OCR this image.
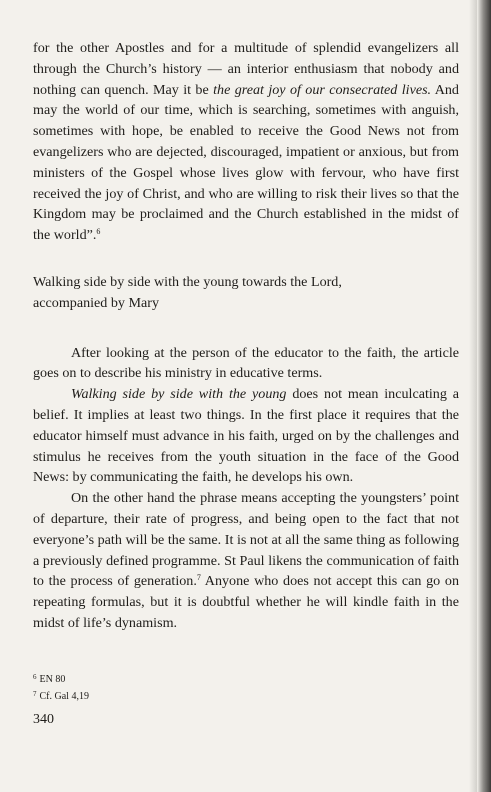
for the other Apostles and for a multitude of splendid evangelizers all through the Church’s history — an interior enthusiasm that nobody and nothing can quench. May it be the great joy of our consecrated lives. And may the world of our time, which is searching, sometimes with anguish, sometimes with hope, be enabled to receive the Good News not from evangelizers who are dejected, discouraged, impatient or anxious, but from ministers of the Gospel whose lives glow with fervour, who have first received the joy of Christ, and who are willing to risk their lives so that the Kingdom may be proclaimed and the Church established in the midst of the world”.$^6$

Walking side by side with the young towards the Lord,
accompanied by Mary

After looking at the person of the educator to the faith, the article goes on to describe his ministry in educative terms.

Walking side by side with the young does not mean inculcating a belief. It implies at least two things. In the first place it requires that the educator himself must advance in his faith, urged on by the challenges and stimulus he receives from the youth situation in the face of the Good News: by communicating the faith, he develops his own.

On the other hand the phrase means accepting the youngsters’ point of departure, their rate of progress, and being open to the fact that not everyone’s path will be the same. It is not at all the same thing as following a previously defined programme. St Paul likens the communication of faith to the process of generation.$^7$ Anyone who does not accept this can go on repeating formulas, but it is doubtful whether he will kindle faith in the midst of life’s dynamism.

$^6$ EN 80
$^7$ Cf. Gal 4,19
340
